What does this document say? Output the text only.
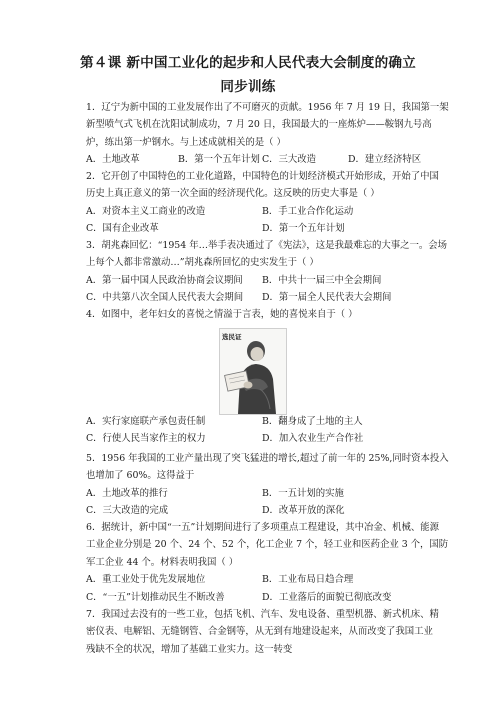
第４课 新中国工业化的起步和人民代表大会制度的确立
同步训练
1．辽宁为新中国的工业发展作出了不可磨灭的贡献。1956 年 7 月 19 日，我国第一架
新型喷气式飞机在沈阳试制成功，7 月 20 日，我国最大的一座炼炉——鞍钢九号高
炉，练出第一炉钢水。与上述成就相关的是（ ）
A．土地改革	B．第一个五年计划 C．三大改造	D．建立经济特区
2．它开创了中国特色的工业化道路，中国特色的计划经济模式开始形成，开始了中国
历史上真正意义的第一次全面的经济现代化。这反映的历史大事是（ ）
A．对资本主义工商业的改造	B．手工业合作化运动
C．国有企业改革	D．第一个五年计划
3．胡兆森回忆：“1954 年…举手表决通过了《宪法》，这是我最难忘的大事之一。会场
上每个人都非常激动…”胡兆森所回忆的史实发生于（ ）
A．第一届中国人民政治协商会议期间 B．中共十一届三中全会期间
C．中共第八次全国人民代表大会期间 D．第一届全人民代表大会期间
4．如图中，老年妇女的喜悦之情溢于言表，她的喜悦来自于（ ）
选民证
A．实行家庭联产承包责任制	B．翻身成了土地的主人
C．行使人民当家作主的权力	D．加入农业生产合作社
5．1956 年我国的工业产量出现了突飞猛进的增长,超过了前一年的 25%,同时资本投入
也增加了 60%。这得益于
A．土地改革的推行	B．一五计划的实施
C．三大改造的完成	D．改革开放的深化
6．据统计，新中国“一五”计划期间进行了多项重点工程建设，其中冶金、机械、能源
工业企业分别是 20 个、24 个、52 个，化工企业 7 个，轻工业和医药企业 3 个，国防
军工企业 44 个。材料表明我国（ ）
A．重工业处于优先发展地位	B．工业布局日趋合理
C．“一五”计划推动民生不断改善	D．工业落后的面貌已彻底改变
7．我国过去没有的一些工业，包括飞机、汽车、发电设备、重型机器、新式机床、精
密仪表、电解铝、无缝钢管、合金钢等，从无到有地建设起来，从而改变了我国工业
残缺不全的状况，增加了基础工业实力。这一转变
